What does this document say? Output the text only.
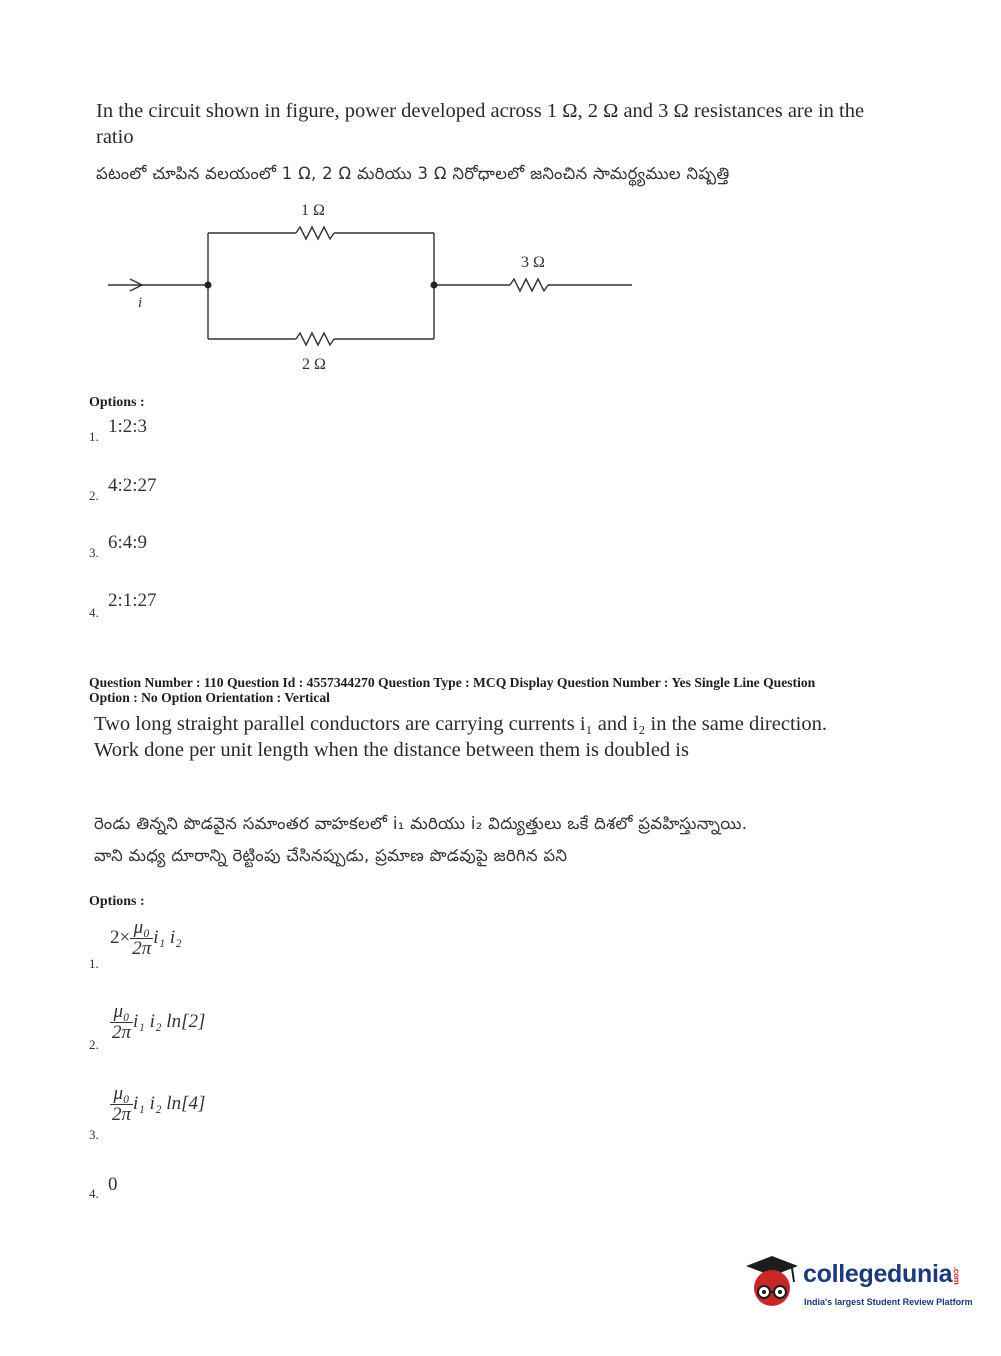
In the circuit shown in figure, power developed across 1 Ω, 2 Ω and 3 Ω resistances are in the ratio
పటంలో చూపిన వలయంలో 1 Ω, 2 Ω మరియు 3 Ω నిరోధాలలో జనించిన సామర్థ్యముల నిష్పత్తి
1 Ω
2 Ω
3 Ω
i
Options :
1. 1:2:3
2. 4:2:27
3. 6:4:9
4.
2:1:27
Question Number : 110 Question Id : 4557344270 Question Type : MCQ Display Question Number : Yes Single Line Question
Option : No Option Orientation : Vertical
Two long straight parallel conductors are carrying currents i₁ and i₂ in the same direction.
Work done per unit length when the distance between them is doubled is
రెండు తిన్నని పొడవైన సమాంతర వాహకలలో i₁ మరియు i₂ విద్యుత్తులు ఒకే దిశలో ప్రవహిస్తున్నాయి.
వాని మధ్య దూరాన్ని రెట్టింపు చేసినప్పుడు, ప్రమాణ పొడవుపై జరిగిన పని
Options :
1.
$2\times \frac{\text{μ₀}}{2\pi} i_1$ i₂
2.
$\frac{\text{μ₀}}{2\pi} i_1$ i₂ ln[2]
3.
$\frac{\text{μ₀}}{2\pi} i_1$ i₂ ln[4]
4. 0
collegedunia.com
India's largest Student Review Platform
